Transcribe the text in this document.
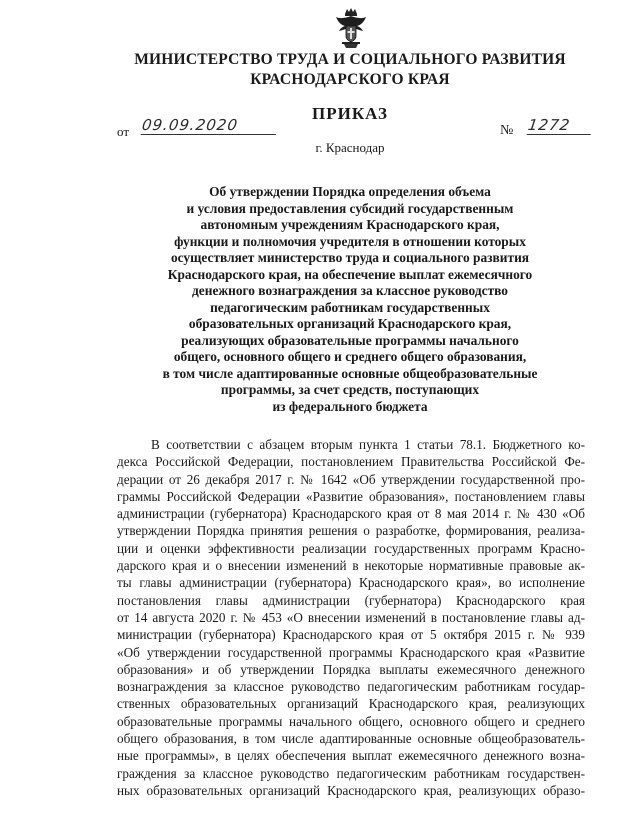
МИНИСТЕРСТВО ТРУДА И СОЦИАЛЬНОГО РАЗВИТИЯ
КРАСНОДАРСКОГО КРАЯ
ПРИКАЗ
от 09.09.2020	№ 1272
г. Краснодар
Об утверждении Порядка определения объема
и условия предоставления субсидий государственным
автономным учреждениям Краснодарского края,
функции и полномочия учредителя в отношении которых
осуществляет министерство труда и социального развития
Краснодарского края, на обеспечение выплат ежемесячного
денежного вознаграждения за классное руководство
педагогическим работникам государственных
образовательных организаций Краснодарского края,
реализующих образовательные программы начального
общего, основного общего и среднего общего образования,
в том числе адаптированные основные общеобразовательные
программы, за счет средств, поступающих
из федерального бюджета
В соответствии с абзацем вторым пункта 1 статьи 78.1. Бюджетного ко-
декса Российской Федерации, постановлением Правительства Российской Фе-
дерации от 26 декабря 2017 г. № 1642 «Об утверждении государственной про-
граммы Российской Федерации «Развитие образования», постановлением главы
администрации (губернатора) Краснодарского края от 8 мая 2014 г. № 430 «Об
утверждении Порядка принятия решения о разработке, формирования, реализа-
ции и оценки эффективности реализации государственных программ Красно-
дарского края и о внесении изменений в некоторые нормативные правовые ак-
ты главы администрации (губернатора) Краснодарского края», во исполнение
постановления главы администрации (губернатора) Краснодарского края
от 14 августа 2020 г. № 453 «О внесении изменений в постановление главы ад-
министрации (губернатора) Краснодарского края от 5 октября 2015 г. № 939
«Об утверждении государственной программы Краснодарского края «Развитие
образования» и об утверждении Порядка выплаты ежемесячного денежного
вознаграждения за классное руководство педагогическим работникам государ-
ственных образовательных организаций Краснодарского края, реализующих
образовательные программы начального общего, основного общего и среднего
общего образования, в том числе адаптированные основные общеобразователь-
ные программы», в целях обеспечения выплат ежемесячного денежного возна-
граждения за классное руководство педагогическим работникам государствен-
ных образовательных организаций Краснодарского края, реализующих образо-
